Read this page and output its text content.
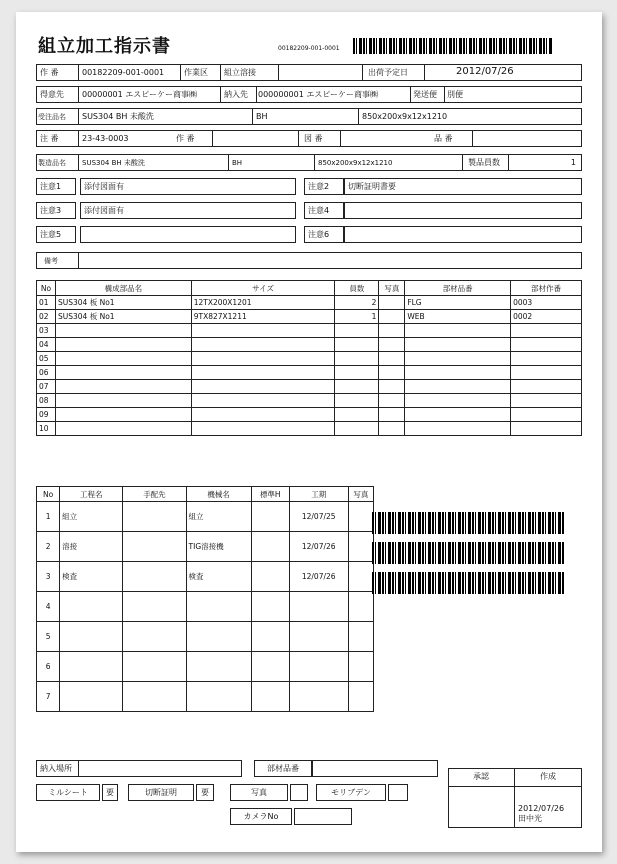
組立加工指示書	00182209-001-0001
作 番	00182209-001-0001 作業区 組立溶接	出荷予定日	2012/07/26
得意先 00000001 エスピーケー商事㈱	納入先 000000001 エスピーケー商事㈱	発送便 別便
受注品名 SUS304 BH 未酸洗	BH	850x200x9x12x1210
注 番	23-43-0003	作 番	図 番	品 番
製造品名 SUS304 BH 未酸洗	BH	850x200x9x12x1210	製品員数	1
注意1	添付図面有	注意2 切断証明書要
注意3	添付図面有	注意4
注意5	注意6
備考
No	構成部品名	サイズ	員数	写真	部材品番	部材作番
01	SUS304 板 No1	12TX200X1201	2		FLG	0003
02	SUS304 板 No1	9TX827X1211	1		WEB	0002
03						
04						
05						
06						
07						
08						
09						
10						
No	工程名	手配先	機械名	標準H	工期	写真
1	組立		組立		12/07/25	
2	溶接		TIG溶接機		12/07/26	
3	検査		検査		12/07/26	
4						
5						
6						
7						
納入場所	部材品番
ミルシート	要	切断証明	要	写真	モリブデン
カメラNo
承認	作成
2012/07/26
田中光
